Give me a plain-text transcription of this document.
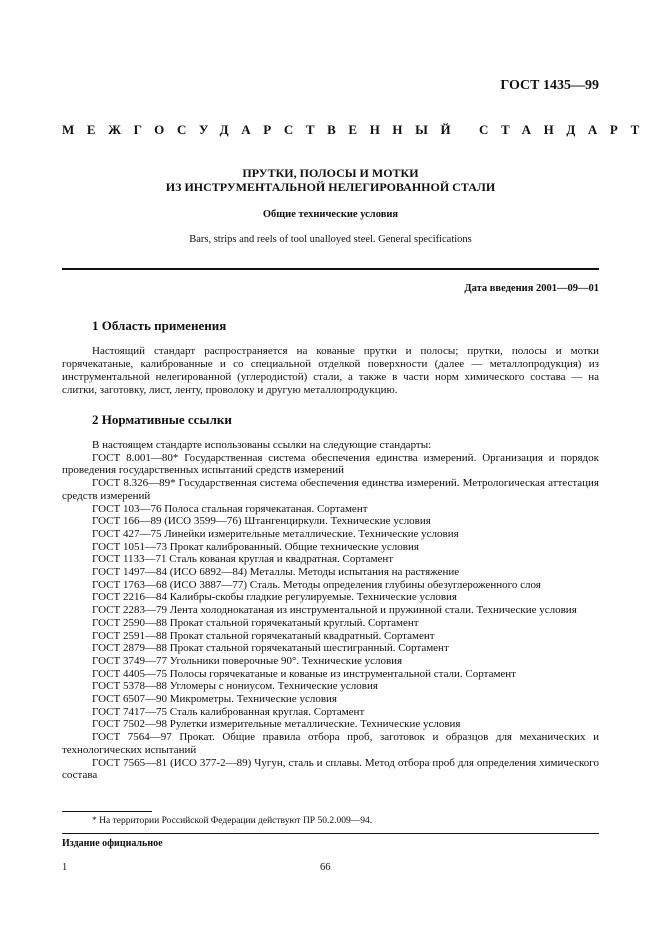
ГОСТ 1435—99
МЕЖГОСУДАРСТВЕННЫЙ СТАНДАРТ
ПРУТКИ, ПОЛОСЫ И МОТКИ
ИЗ ИНСТРУМЕНТАЛЬНОЙ НЕЛЕГИРОВАННОЙ СТАЛИ
Общие технические условия
Bars, strips and reels of tool unalloyed steel. General specifications
Дата введения 2001—09—01
1 Область применения

Настоящий стандарт распространяется на кованые прутки и полосы; прутки, полосы и мотки горячекатаные, калиброванные и со специальной отделкой поверхности (далее — металлопродукция) из инструментальной нелегированной (углеродистой) стали, а также в части норм химического состава — на слитки, заготовку, лист, ленту, проволоку и другую металлопродукцию.

2 Нормативные ссылки

В настоящем стандарте использованы ссылки на следующие стандарты:

ГОСТ 8.001—80* Государственная система обеспечения единства измерений. Организация и порядок проведения государственных испытаний средств измерений

ГОСТ 8.326—89* Государственная система обеспечения единства измерений. Метрологическая аттестация средств измерений

ГОСТ 103—76 Полоса стальная горячекатаная. Сортамент

ГОСТ 166—89 (ИСО 3599—76) Штангенциркули. Технические условия

ГОСТ 427—75 Линейки измерительные металлические. Технические условия

ГОСТ 1051—73 Прокат калиброванный. Общие технические условия

ГОСТ 1133—71 Сталь кованая круглая и квадратная. Сортамент

ГОСТ 1497—84 (ИСО 6892—84) Металлы. Методы испытания на растяжение

ГОСТ 1763—68 (ИСО 3887—77) Сталь. Методы определения глубины обезуглероженного слоя

ГОСТ 2216—84 Калибры-скобы гладкие регулируемые. Технические условия

ГОСТ 2283—79 Лента холоднокатаная из инструментальной и пружинной стали. Технические условия

ГОСТ 2590—88 Прокат стальной горячекатаный круглый. Сортамент

ГОСТ 2591—88 Прокат стальной горячекатаный квадратный. Сортамент

ГОСТ 2879—88 Прокат стальной горячекатаный шестигранный. Сортамент

ГОСТ 3749—77 Угольники поверочные 90°. Технические условия

ГОСТ 4405—75 Полосы горячекатаные и кованые из инструментальной стали. Сортамент

ГОСТ 5378—88 Угломеры с нониусом. Технические условия

ГОСТ 6507—90 Микрометры. Технические условия

ГОСТ 7417—75 Сталь калиброванная круглая. Сортамент

ГОСТ 7502—98 Рулетки измерительные металлические. Технические условия

ГОСТ 7564—97 Прокат. Общие правила отбора проб, заготовок и образцов для механических и технологических испытаний

ГОСТ 7565—81 (ИСО 377-2—89) Чугун, сталь и сплавы. Метод отбора проб для определения химического состава

* На территории Российской Федерации действуют ПР 50.2.009—94.
Издание официальное
1	66
